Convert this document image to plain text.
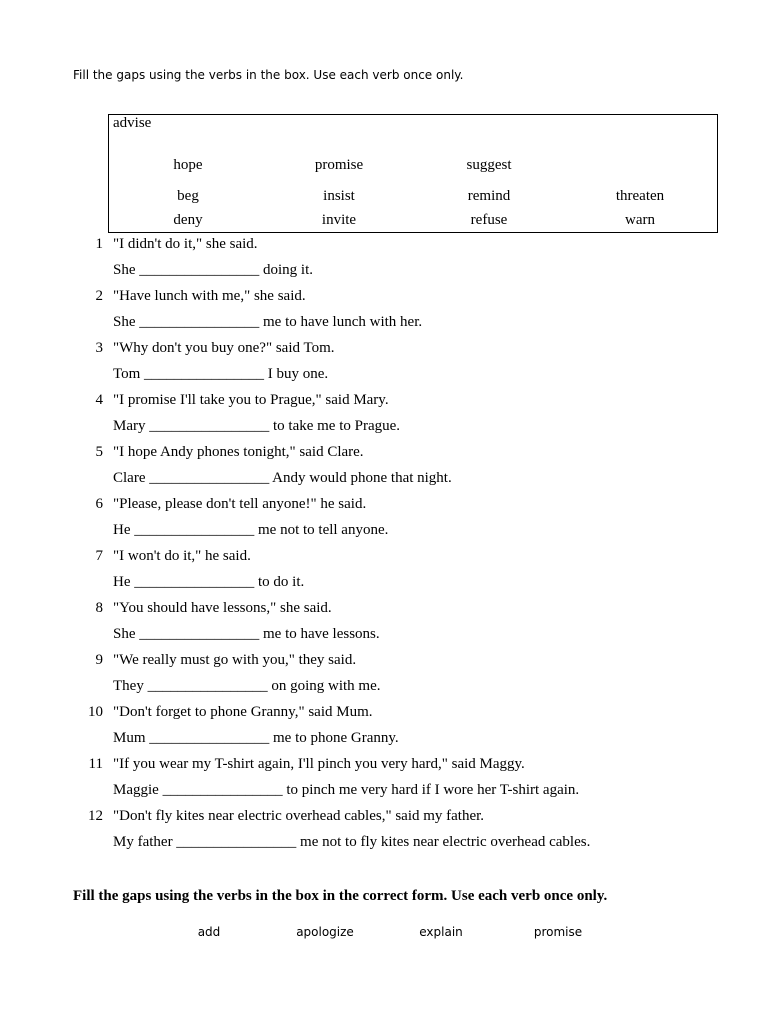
Fill the gaps using the verbs in the box. Use each verb once only.
advise
hope	promise	suggest
beg	insist	remind	threaten
deny	invite	refuse	warn
1 "I didn't do it," she said.
She ________________ doing it.
2 "Have lunch with me," she said.
She ________________ me to have lunch with her.
3 "Why don't you buy one?" said Tom.
Tom ________________ I buy one.
4 "I promise I'll take you to Prague," said Mary.
Mary ________________ to take me to Prague.
5 "I hope Andy phones tonight," said Clare.
Clare ________________ Andy would phone that night.
6 "Please, please don't tell anyone!" he said.
He ________________ me not to tell anyone.
7 "I won't do it," he said.
He ________________ to do it.
8 "You should have lessons," she said.
She ________________ me to have lessons.
9 "We really must go with you," they said.
They ________________ on going with me.
10 "Don't forget to phone Granny," said Mum.
Mum ________________ me to phone Granny.
11 "If you wear my T-shirt again, I'll pinch you very hard," said Maggy.
Maggie ________________ to pinch me very hard if I wore her T-shirt again.
12 "Don't fly kites near electric overhead cables," said my father.
My father ________________ me not to fly kites near electric overhead cables.
Fill the gaps using the verbs in the box in the correct form. Use each verb once only.
add	apologize	explain	promise
